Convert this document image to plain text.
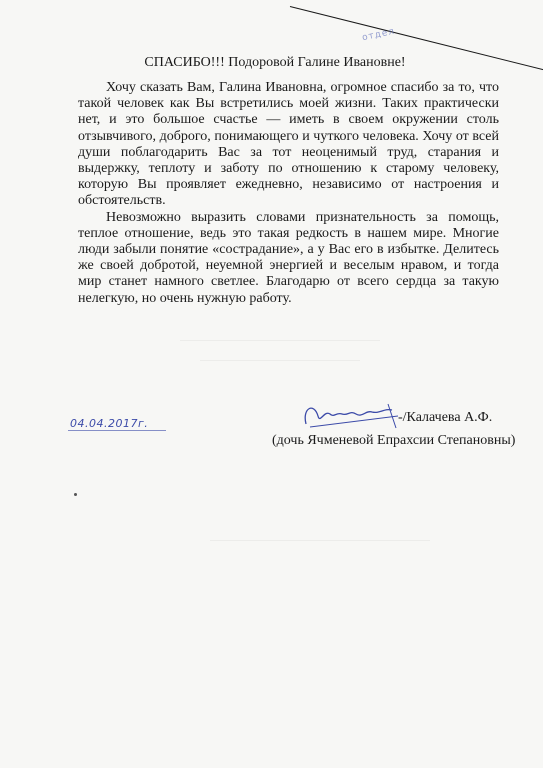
отдел
СПАСИБО!!! Подоровой Галине Ивановне!

Хочу сказать Вам, Галина Ивановна, огромное спасибо за то, что такой человек как Вы встретились моей жизни. Таких практически нет, и это большое счастье — иметь в своем окружении столь отзывчивого, доброго, понимающего и чуткого человека. Хочу от всей души поблагодарить Вас за тот неоценимый труд, старания и выдержку, теплоту и заботу по отношению к старому человеку, которую Вы проявляет ежедневно, независимо от настроения и обстоятельств.

Невозможно выразить словами признательность за помощь, теплое отношение, ведь это такая редкость в нашем мире. Многие люди забыли понятие «сострадание», а у Вас его в избытке. Делитесь же своей добротой, неуемной энергией и веселым нравом, и тогда мир станет намного светлее. Благодарю от всего сердца за такую нелегкую, но очень нужную работу.

04.04.2017г.	-/Калачева А.Ф.
(дочь Ячменевой Епрахсии Степановны)
